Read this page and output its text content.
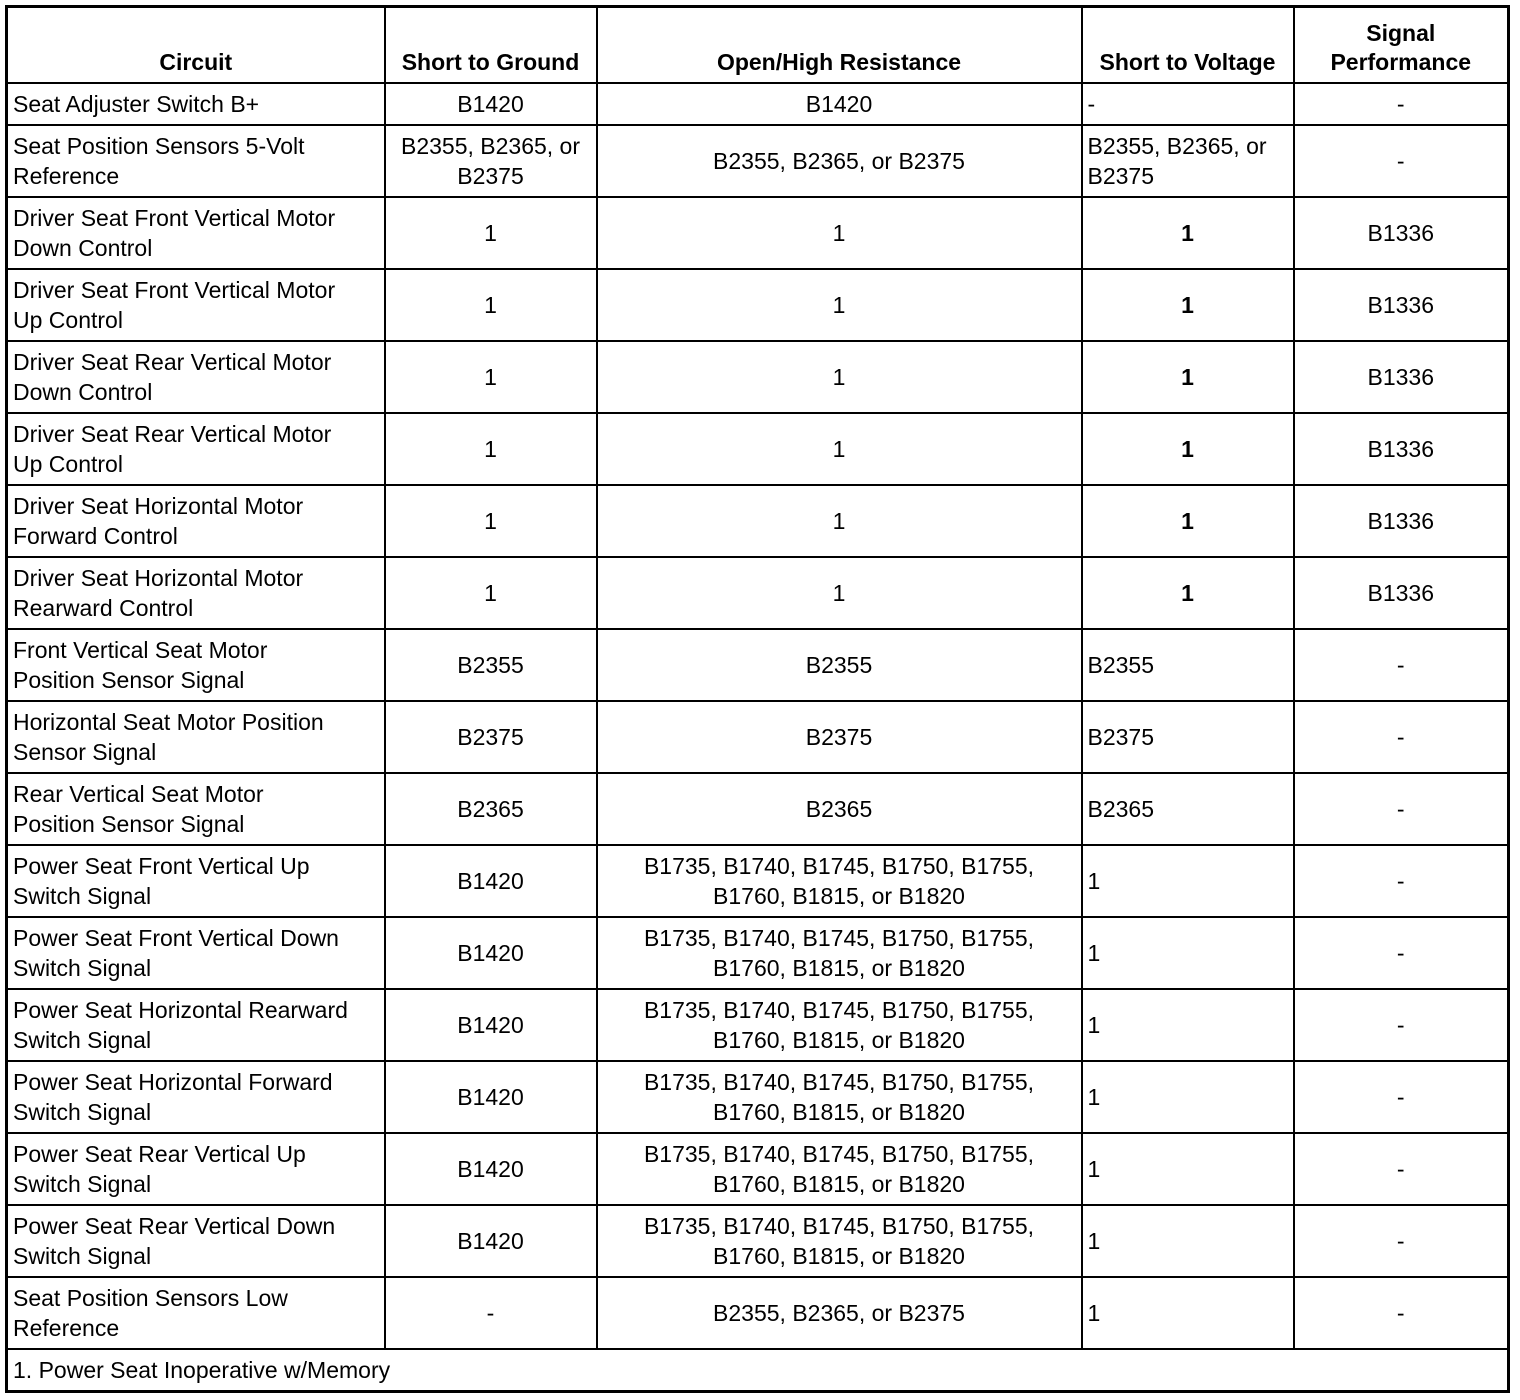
Circuit	Short to Ground	Open/High Resistance	Short to Voltage	Signal
Performance
Seat Adjuster Switch B+	B1420	B1420	-	-
Seat Position Sensors 5-Volt
Reference	B2355, B2365, or
B2375	B2355, B2365, or B2375	B2355, B2365, or
B2375	-
Driver Seat Front Vertical Motor
Down Control	1	1	1	B1336
Driver Seat Front Vertical Motor
Up Control	1	1	1	B1336
Driver Seat Rear Vertical Motor
Down Control	1	1	1	B1336
Driver Seat Rear Vertical Motor
Up Control	1	1	1	B1336
Driver Seat Horizontal Motor
Forward Control	1	1	1	B1336
Driver Seat Horizontal Motor
Rearward Control	1	1	1	B1336
Front Vertical Seat Motor
Position Sensor Signal	B2355	B2355	B2355	-
Horizontal Seat Motor Position
Sensor Signal	B2375	B2375	B2375	-
Rear Vertical Seat Motor
Position Sensor Signal	B2365	B2365	B2365	-
Power Seat Front Vertical Up
Switch Signal	B1420	B1735, B1740, B1745, B1750, B1755,
B1760, B1815, or B1820	1	-
Power Seat Front Vertical Down
Switch Signal	B1420	B1735, B1740, B1745, B1750, B1755,
B1760, B1815, or B1820	1	-
Power Seat Horizontal Rearward
Switch Signal	B1420	B1735, B1740, B1745, B1750, B1755,
B1760, B1815, or B1820	1	-
Power Seat Horizontal Forward
Switch Signal	B1420	B1735, B1740, B1745, B1750, B1755,
B1760, B1815, or B1820	1	-
Power Seat Rear Vertical Up
Switch Signal	B1420	B1735, B1740, B1745, B1750, B1755,
B1760, B1815, or B1820	1	-
Power Seat Rear Vertical Down
Switch Signal	B1420	B1735, B1740, B1745, B1750, B1755,
B1760, B1815, or B1820	1	-
Seat Position Sensors Low
Reference	-	B2355, B2365, or B2375	1	-
1. Power Seat Inoperative w/Memory				
